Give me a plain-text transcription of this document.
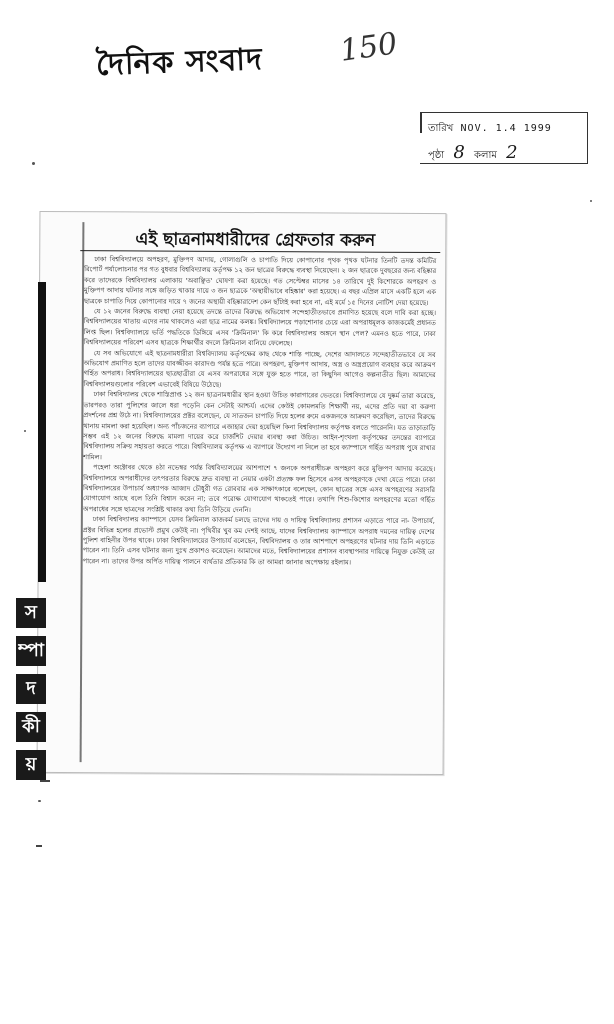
দৈনিক সংবাদ 150
তারিখ NOV. 1.4 1999
পৃষ্ঠা 8 কলাম 2
এই ছাত্রনামধারীদের গ্রেফতার করুন

ঢাকা বিশ্ববিদ্যালয়ে অপহরণ, মুক্তিপণ আদায়, গোলাগুলি ও চাপাতি দিয়ে কোপানোর পৃথক পৃথক ঘটনার তিনটি তদন্ত কমিটির রিপোর্ট পর্যালোচনার পর গত বুধবার বিশ্ববিদ্যালয় কর্তৃপক্ষ ১২ জন ছাত্রের বিরুদ্ধে ব্যবস্থা নিয়েছেন। ২ জন ছাত্রকে দুবছরের জন্য বহিষ্কার করে তাদেরকে বিশ্ববিদ্যালয় এলাকায় 'অবাঞ্ছিত' ঘোষণা করা হয়েছে। গত সেপ্টেম্বর মাসের ১৪ তারিখে দুই কিশোরকে অপহরণ ও মুক্তিপণ আদায় ঘটনার সঙ্গে জড়িত থাকার দায়ে ৩ জন ছাত্রকে 'অস্থায়ীভাবে বহিষ্কার' করা হয়েছে। এ বছর এপ্রিল মাসে একটি হলে এক ছাত্রকে চাপাতি দিয়ে কোপানোর দায়ে ৭ জনের অস্থায়ী বহিষ্কারাদেশ কেন ছাঁটাই করা হবে না, এই মর্মে ১৫ দিনের নোটিশ দেয়া হয়েছে।

যে ১২ জনের বিরুদ্ধে ব্যবস্থা নেয়া হয়েছে তদন্তে তাদের বিরুদ্ধে অভিযোগ সন্দেহাতীতভাবে প্রমাণিত হয়েছে বলে দাবি করা হচ্ছে। বিশ্ববিদ্যালয়ের খাতায় এদের নাম থাকলেও এরা ছাত্র নামের কলঙ্ক। বিশ্ববিদ্যালয়ে পড়াশোনার চেয়ে এরা অপরাধমূলক কাজকর্মেই প্রধানত লিপ্ত ছিল। বিশ্ববিদ্যালয়ে ভর্তি পদ্ধতিকে ডিঙ্গিয়ে এসব 'ক্রিমিনাল' কি করে বিশ্ববিদ্যালয় অঙ্গনে স্থান পেল? এমনও হতে পারে, ঢাকা বিশ্ববিদ্যালয়ের পরিবেশ এসব ছাত্রকে শিক্ষার্থীর বদলে ক্রিমিনাল বানিয়ে ফেলেছে।

যে সব অভিযোগে এই ছাত্রনামধারীরা বিশ্ববিদ্যালয় কর্তৃপক্ষের কাছ থেকে শাস্তি পাচ্ছে, দেশের আদালতে সন্দেহাতীতভাবে যে সব অভিযোগ প্রমাণিত হলে তাদের যাবজ্জীবন কারাদণ্ড পর্যন্ত হতে পারে। অপহরণ, মুক্তিপণ আদায়, অস্ত্র ও অস্ত্রপ্রয়োগ ব্যবহার করে আক্রমণ গর্হিত অপরাধ। বিশ্ববিদ্যালয়ের ছাত্রছাত্রীরা যে এসব অপরাধের সঙ্গে যুক্ত হতে পারে, তা কিছুদিন আগেও কল্পনাতীত ছিল। আমাদের বিশ্ববিদ্যালয়গুলোর পরিবেশ এভাবেই বিষিয়ে উঠেছে।

ঢাকা বিশ্ববিদ্যালয় থেকে শাস্তিপ্রাপ্ত ১২ জন ছাত্রনামধারীর স্থান হওয়া উচিত কারাগারের ভেতরে। বিশ্ববিদ্যালয়ে যে দুষ্কর্ম তারা করেছে, তারপরও তারা পুলিশের জালে ধরা পড়েনি কেন সেটাই আশ্চর্য। এদের কেউই কোমলমতি শিক্ষার্থী নয়, এদের প্রতি দয়া বা করুণা প্রদর্শনের প্রশ্ন উঠে না। বিশ্ববিদ্যালয়ের প্রক্টর বলেছেন, যে সাতজন চাপাতি দিয়ে হলের রুমে একজনকে আক্রমণ করেছিল, তাদের বিরুদ্ধে থানায় মামলা করা হয়েছিল। অন্য পাঁচজনের ব্যাপারে এজাহার দেয়া হয়েছিল কিনা বিশ্ববিদ্যালয় কর্তৃপক্ষ বলতে পারেননি। যত তাড়াতাড়ি সম্ভব এই ১২ জনের বিরুদ্ধে মামলা দায়ের করে চার্জশিট দেয়ার ব্যবস্থা করা উচিত। আইন-শৃংখলা কর্তৃপক্ষের তদন্তের ব্যাপারে বিশ্ববিদ্যালয় সক্রিয় সহায়তা করতে পারে। বিশ্ববিদ্যালয় কর্তৃপক্ষ এ ব্যাপারে উদ্যোগ না নিলে তা হবে ক্যাম্পাসে গর্হিত অপরাধ পুষে রাখার শামিল।

পহেলা অক্টোবর থেকে ৪ঠা নভেম্বর পর্যন্ত বিশ্ববিদ্যালয়ের আশপাশে ৭ জনকে অপরাধীচক্র অপহরণ করে মুক্তিপণ আদায় করেছে। বিশ্ববিদ্যালয়ে অপরাধীদের তৎপরতার বিরুদ্ধে দ্রুত ব্যবস্থা না নেয়ার একটা প্রত্যক্ষ ফল হিসেবে এসব অপহরণকে দেখা যেতে পারে। ঢাকা বিশ্ববিদ্যালয়ের উপাচার্য অধ্যাপক আজাদ চৌধুরী গত রোববার এক সাক্ষাৎকারে বলেছেন, কোন ছাত্রের সঙ্গে এসব অপহরণের সরাসরি যোগাযোগ আছে বলে তিনি বিশ্বাস করেন না; তবে পরোক্ষ যোগাযোগ থাকতেই পারে। তথাপি শিশু-কিশোর অপহরণের মতো গর্হিত অপরাধের সঙ্গে ছাত্রদের সংশ্লিষ্ট থাকার কথা তিনি উড়িয়ে দেননি।

ঢাকা বিশ্ববিদ্যালয় ক্যাম্পাসে যেসব ক্রিমিনাল কাজকর্ম চলছে তাদের দায় ও দায়িত্ব বিশ্ববিদ্যালয় প্রশাসন এড়াতে পারে না- উপাচার্য, প্রক্টর বিভিন্ন হলের প্রভোস্ট প্রমুখ কেউই না। পৃথিবীর খুব কম দেশই আছে, যাদের বিশ্ববিদ্যালয় ক্যাম্পাসে অপরাধ দমনের দায়িত্ব দেশের পুলিশ বাহিনীর উপর থাকে। ঢাকা বিশ্ববিদ্যালয়ের উপাচার্য বলেছেন, বিশ্ববিদ্যালয় ও তার আশপাশে অপহরণের ঘটনার দায় তিনি এড়াতে পারেন না। তিনি এসব ঘটনার জন্য দুঃখ প্রকাশও করেছেন। আমাদের মতে, বিশ্ববিদ্যালয়ের প্রশাসন ব্যবস্থাপনার দায়িত্বে নিযুক্ত কেউই তা পারেন না। তাদের উপর অর্পিত দায়িত্ব পালনে ব্যর্থতার প্রতিকার কি তা আমরা জানার অপেক্ষায় রইলাম।

স
ম্পা
দ
কী
য়
